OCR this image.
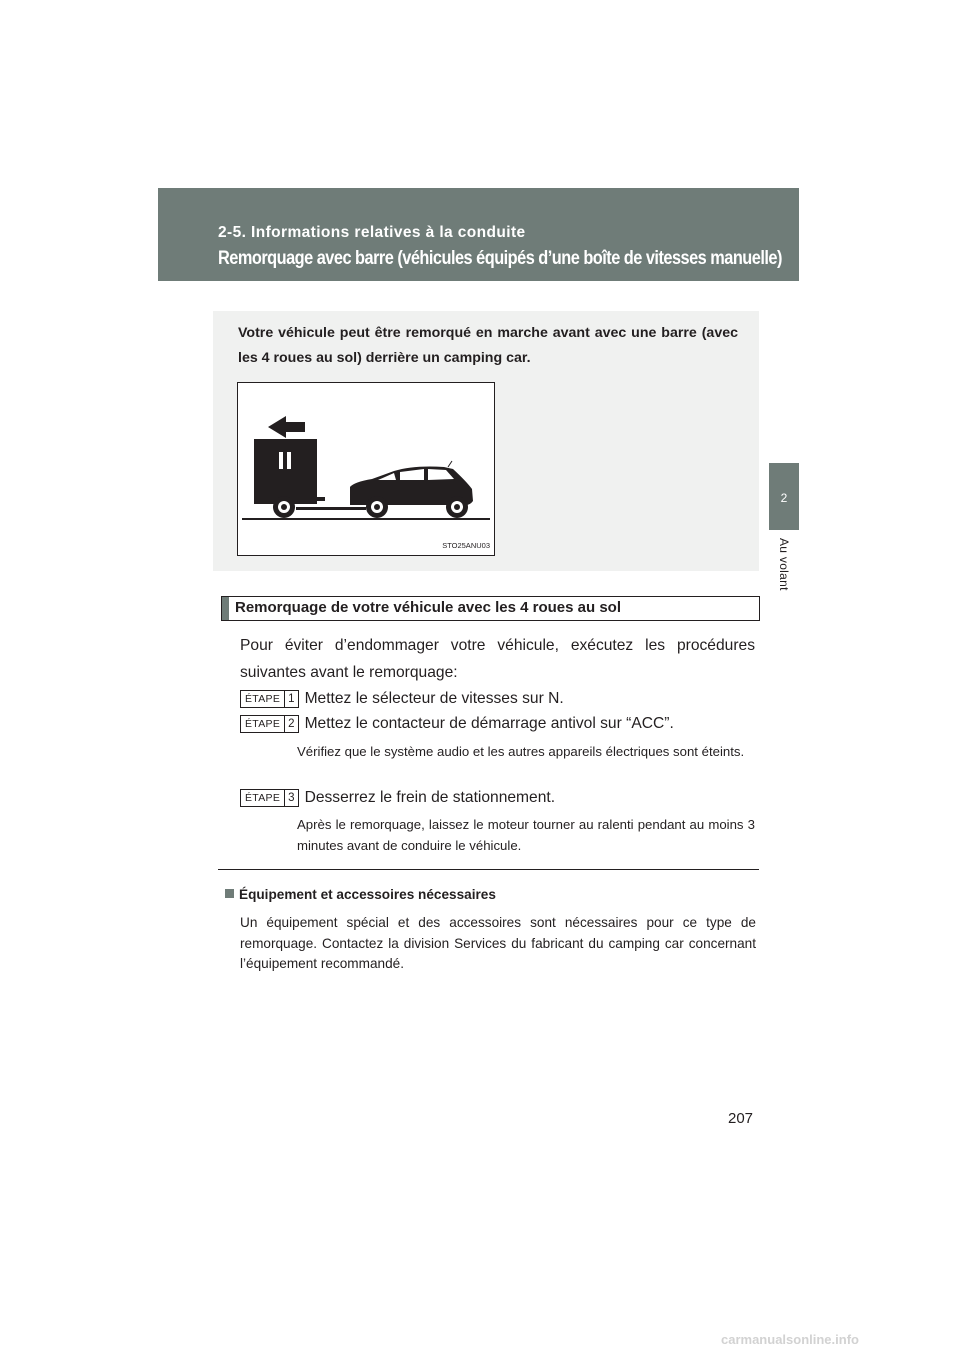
2-5. Informations relatives à la conduite
Remorquage avec barre (véhicules équipés d’une boîte de vitesses manuelle)
2
Au volant
Votre véhicule peut être remorqué en marche avant avec une barre (avec les 4 roues au sol) derrière un camping car.
STO25ANU03
Remorquage de votre véhicule avec les 4 roues au sol
Pour éviter d’endommager votre véhicule, exécutez les procédures suivantes avant le remorquage:
ÉTAPE 1 Mettez le sélecteur de vitesses sur N.
ÉTAPE 2 Mettez le contacteur de démarrage antivol sur “ACC”.
Vérifiez que le système audio et les autres appareils électriques sont éteints.
ÉTAPE 3 Desserrez le frein de stationnement.
Après le remorquage, laissez le moteur tourner au ralenti pendant au moins 3 minutes avant de conduire le véhicule.
Équipement et accessoires nécessaires
Un équipement spécial et des accessoires sont nécessaires pour ce type de remorquage. Contactez la division Services du fabricant du camping car concernant l’équipement recommandé.
207
carmanualsonline.info
